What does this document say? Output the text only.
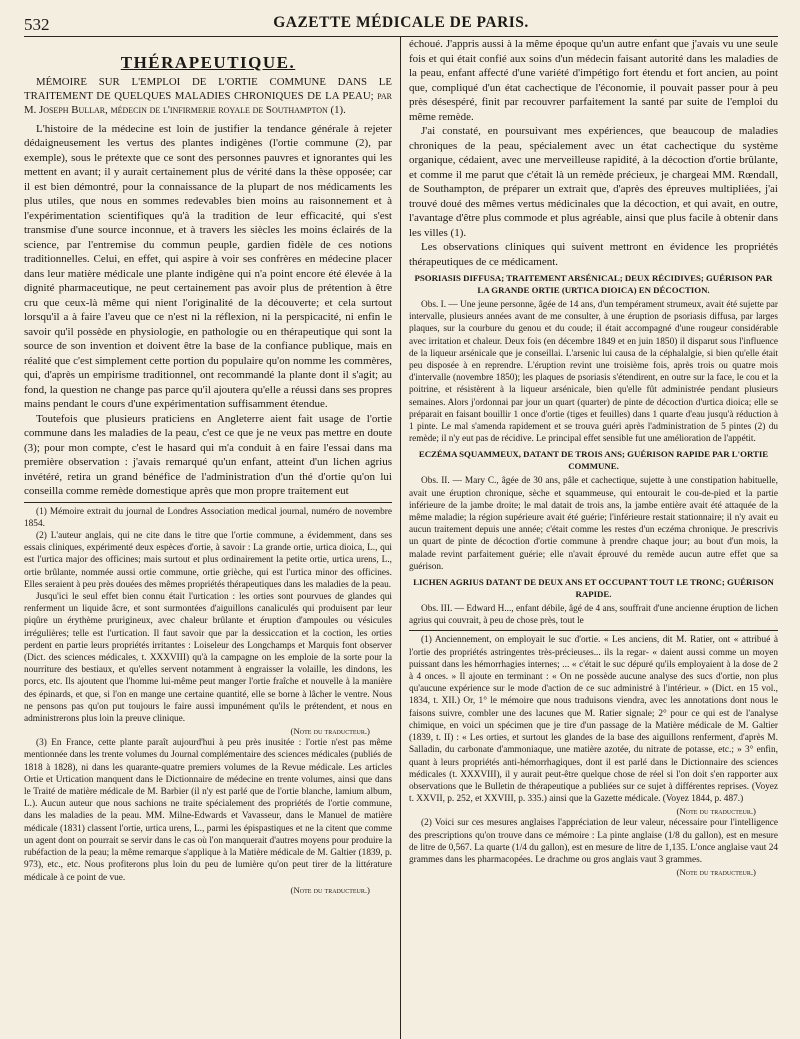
532	GAZETTE MÉDICALE DE PARIS.
THÉRAPEUTIQUE.
MÉMOIRE SUR L'EMPLOI DE L'ORTIE COMMUNE DANS LE TRAITEMENT DE QUELQUES MALADIES CHRONIQUES DE LA PEAU; par M. Joseph Bullar, médecin de l'infirmerie royale de Southampton (1).

L'histoire de la médecine est loin de justifier la tendance générale à rejeter dédaigneusement les vertus des plantes indigènes (l'ortie commune (2), par exemple), sous le prétexte que ce sont des personnes pauvres et ignorantes qui les mettent en avant; il y aurait certainement plus de vérité dans la thèse opposée; car il est bien démontré, pour la connaissance de la plupart de nos médicaments les plus utiles, que nous en sommes redevables bien moins au raisonnement et à l'expérimentation scientifiques qu'à la tradition de leur efficacité, qui s'est transmise d'une source inconnue, et à travers les siècles les moins éclairés de la science, par l'entremise du commun peuple, gardien fidèle de ces notions traditionnelles. Celui, en effet, qui aspire à voir ses confrères en médecine placer dans leur matière médicale une plante indigène qui n'a point encore été élevée à la dignité pharmaceutique, ne peut certainement pas avoir plus de prétention à être cru que ceux-là même qui nient l'originalité de la découverte; et cela surtout lorsqu'il a à faire l'aveu que ce n'est ni la réflexion, ni la perspicacité, ni enfin le savoir qu'il possède en physiologie, en pathologie ou en thérapeutique qui sont la source de son invention et doivent être la base de la confiance publique, mais en réalité que c'est simplement cette portion du populaire qu'on nomme les commères, qui, d'après un empirisme traditionnel, ont recommandé la plante dont il s'agit; au fond, la question ne change pas parce qu'il ajoutera qu'elle a réussi dans ses propres mains pendant le cours d'une expérimentation suffisamment étendue.

Toutefois que plusieurs praticiens en Angleterre aient fait usage de l'ortie commune dans les maladies de la peau, c'est ce que je ne veux pas mettre en doute (3); pour mon compte, c'est le hasard qui m'a conduit à en faire l'essai dans ma première observation : j'avais remarqué qu'un enfant, atteint d'un lichen agrius invétéré, retira un grand bénéfice de l'administration d'un thé d'ortie qu'on lui conseilla comme remède domestique après que mon propre traitement eut

(1) Mémoire extrait du journal de Londres Association medical journal, numéro de novembre 1854.

(2) L'auteur anglais, qui ne cite dans le titre que l'ortie commune, a évidemment, dans ses essais cliniques, expérimenté deux espèces d'ortie, à savoir : La grande ortie, urtica dioica, L., qui est l'urtica major des officines; mais surtout et plus ordinairement la petite ortie, urtica urens, L., ortie brûlante, nommée aussi ortie commune, ortie grièche, qui est l'urtica minor des officines. Elles seraient à peu près douées des mêmes propriétés thérapeutiques dans les maladies de la peau.

Jusqu'ici le seul effet bien connu était l'urtication : les orties sont pourvues de glandes qui renferment un liquide âcre, et sont surmontées d'aiguillons canaliculés qui produisent par leur piqûre un érythème prurigineux, avec chaleur brûlante et éruption d'ampoules ou vésicules irrégulières; telle est l'urtication. Il faut savoir que par la dessiccation et la coction, les orties perdent en partie leurs propriétés irritantes : Loiseleur des Longchamps et Marquis font observer (Dict. des sciences médicales, t. XXXVIII) qu'à la campagne on les emploie de la sorte pour la nourriture des bestiaux, et qu'elles servent notamment à engraisser la volaille, les dindons, les porcs, etc. Ils ajoutent que l'homme lui-même peut manger l'ortie fraîche et nouvelle à la manière des épinards, et que, si l'on en mange une certaine quantité, elle se borne à lâcher le ventre. Nous ne pensons pas qu'on put toujours le faire aussi impunément qu'ils le prétendent, et nous en administrerons plus loin la preuve clinique.

(Note du traducteur.)

(3) En France, cette plante paraît aujourd'hui à peu près inusitée : l'ortie n'est pas même mentionnée dans les trente volumes du Journal complémentaire des sciences médicales (publiés de 1818 à 1828), ni dans les quarante-quatre premiers volumes de la Revue médicale. Les articles Ortie et Urtication manquent dans le Dictionnaire de médecine en trente volumes, ainsi que dans le Traité de matière médicale de M. Barbier (il n'y est parlé que de l'ortie blanche, lamium album, L.). Aucun auteur que nous sachions ne traite spécialement des propriétés de l'ortie commune, dans les maladies de la peau. MM. Milne-Edwards et Vavasseur, dans le Manuel de matière médicale (1831) classent l'ortie, urtica urens, L., parmi les épispastiques et ne la citent que comme un agent dont on pourrait se servir dans le cas où l'on manquerait d'autres moyens pour produire la rubéfaction de la peau; la même remarque s'applique à la Matière médicale de M. Galtier (1839, p. 973), etc., etc. Nous profiterons plus loin du peu de lumière qu'on peut tirer de la littérature médicale à ce point de vue.

(Note du traducteur.)

échoué. J'appris aussi à la même époque qu'un autre enfant que j'avais vu une seule fois et qui était confié aux soins d'un médecin faisant autorité dans les maladies de la peau, enfant affecté d'une variété d'impétigo fort étendu et fort ancien, au point que, compliqué d'un état cachectique de l'économie, il pouvait passer pour à peu près désespéré, finit par recouvrer parfaitement la santé par suite de l'emploi du même remède.

J'ai constaté, en poursuivant mes expériences, que beaucoup de maladies chroniques de la peau, spécialement avec un état cachectique du système organique, cédaient, avec une merveilleuse rapidité, à la décoction d'ortie brûlante, et comme il me parut que c'était là un remède précieux, je chargeai MM. Rœndall, de Southampton, de préparer un extrait que, d'après des épreuves multipliées, j'ai trouvé doué des mêmes vertus médicinales que la décoction, et qui avait, en outre, l'avantage d'être plus commode et plus agréable, ainsi que plus facile à obtenir dans les villes (1).

Les observations cliniques qui suivent mettront en évidence les propriétés thérapeutiques de ce médicament.

PSORIASIS DIFFUSA; TRAITEMENT ARSÉNICAL; DEUX RÉCIDIVES; GUÉRISON PAR LA GRANDE ORTIE (URTICA DIOICA) EN DÉCOCTION.

Obs. I. — Une jeune personne, âgée de 14 ans, d'un tempérament strumeux, avait été sujette par intervalle, plusieurs années avant de me consulter, à une éruption de psoriasis diffusa, par larges plaques, sur la courbure du genou et du coude; il était accompagné d'une rougeur considérable avec irritation et chaleur. Deux fois (en décembre 1849 et en juin 1850) il disparut sous l'influence de la liqueur arsénicale que je conseillai. L'arsenic lui causa de la céphalalgie, si bien qu'elle était peu disposée à en reprendre. L'éruption revint une troisième fois, après trois ou quatre mois d'intervalle (novembre 1850); les plaques de psoriasis s'étendirent, en outre sur la face, le cou et la poitrine, et résistèrent à la liqueur arsénicale, bien qu'elle fût administrée pendant plusieurs semaines. Alors j'ordonnai par jour un quart (quarter) de pinte de décoction d'urtica dioica; elle se préparait en faisant bouillir 1 once d'ortie (tiges et feuilles) dans 1 quarte d'eau jusqu'à réduction à 1 pinte. Le mal s'amenda rapidement et se trouva guéri après l'administration de 5 pintes (2) du remède; il n'y eut pas de récidive. Le principal effet sensible fut une amélioration de l'appétit.

ECZÉMA SQUAMMEUX, DATANT DE TROIS ANS; GUÉRISON RAPIDE PAR L'ORTIE COMMUNE.

Obs. II. — Mary C., âgée de 30 ans, pâle et cachectique, sujette à une constipation habituelle, avait une éruption chronique, sèche et squammeuse, qui entourait le cou-de-pied et la partie inférieure de la jambe droite; le mal datait de trois ans, la jambe entière avait été attaquée de la même maladie; la région supérieure avait été guérie; l'inférieure restait stationnaire; il n'y avait eu aucun traitement depuis une année; c'était comme les restes d'un eczéma chronique. Je prescrivis un quart de pinte de décoction d'ortie commune à prendre chaque jour; au bout d'un mois, la malade revint parfaitement guérie; elle n'avait éprouvé du remède aucun autre effet que sa guérison.

LICHEN AGRIUS DATANT DE DEUX ANS ET OCCUPANT TOUT LE TRONC; GUÉRISON RAPIDE.

Obs. III. — Edward H..., enfant débile, âgé de 4 ans, souffrait d'une ancienne éruption de lichen agrius qui couvrait, à peu de chose près, tout le

(1) Anciennement, on employait le suc d'ortie. « Les anciens, dit M. Ratier, ont « attribué à l'ortie des propriétés astringentes très-précieuses... ils la regar- « daient aussi comme un moyen puissant dans les hémorrhagies internes; ... « c'était le suc dépuré qu'ils employaient à la dose de 2 à 4 onces. » Il ajoute en terminant : « On ne possède aucune analyse des sucs d'ortie, non plus qu'aucune expérience sur le mode d'action de ce suc administré à l'intérieur. » (Dict. en 15 vol., 1834, t. XII.) Or, 1° le mémoire que nous traduisons viendra, avec les annotations dont nous le faisons suivre, combler une des lacunes que M. Ratier signale; 2° pour ce qui est de l'analyse chimique, en voici un spécimen que je tire d'un passage de la Matière médicale de M. Galtier (1839, t. II) : « Les orties, et surtout les glandes de la base des aiguillons renferment, d'après M. Salladin, du carbonate d'ammoniaque, une matière azotée, du nitrate de potasse, etc.; » 3° enfin, quant à leurs propriétés anti-hémorrhagiques, dont il est parlé dans le Dictionnaire des sciences médicales (t. XXXVIII), il y aurait peut-être quelque chose de réel si l'on doit s'en rapporter aux observations que le Bulletin de thérapeutique a publiées sur ce sujet à différentes reprises. (Voyez t. XXVII, p. 252, et XXVIII, p. 335.) ainsi que la Gazette médicale. (Voyez 1844, p. 487.)

(Note du traducteur.)

(2) Voici sur ces mesures anglaises l'appréciation de leur valeur, nécessaire pour l'intelligence des prescriptions qu'on trouve dans ce mémoire : La pinte anglaise (1/8 du gallon), est en mesure de litre de 0,567. La quarte (1/4 du gallon), est en mesure de litre de 1,135. L'once anglaise vaut 24 grammes dans les pharmacopées. Le drachme ou gros anglais vaut 3 grammes.

(Note du traducteur.)
